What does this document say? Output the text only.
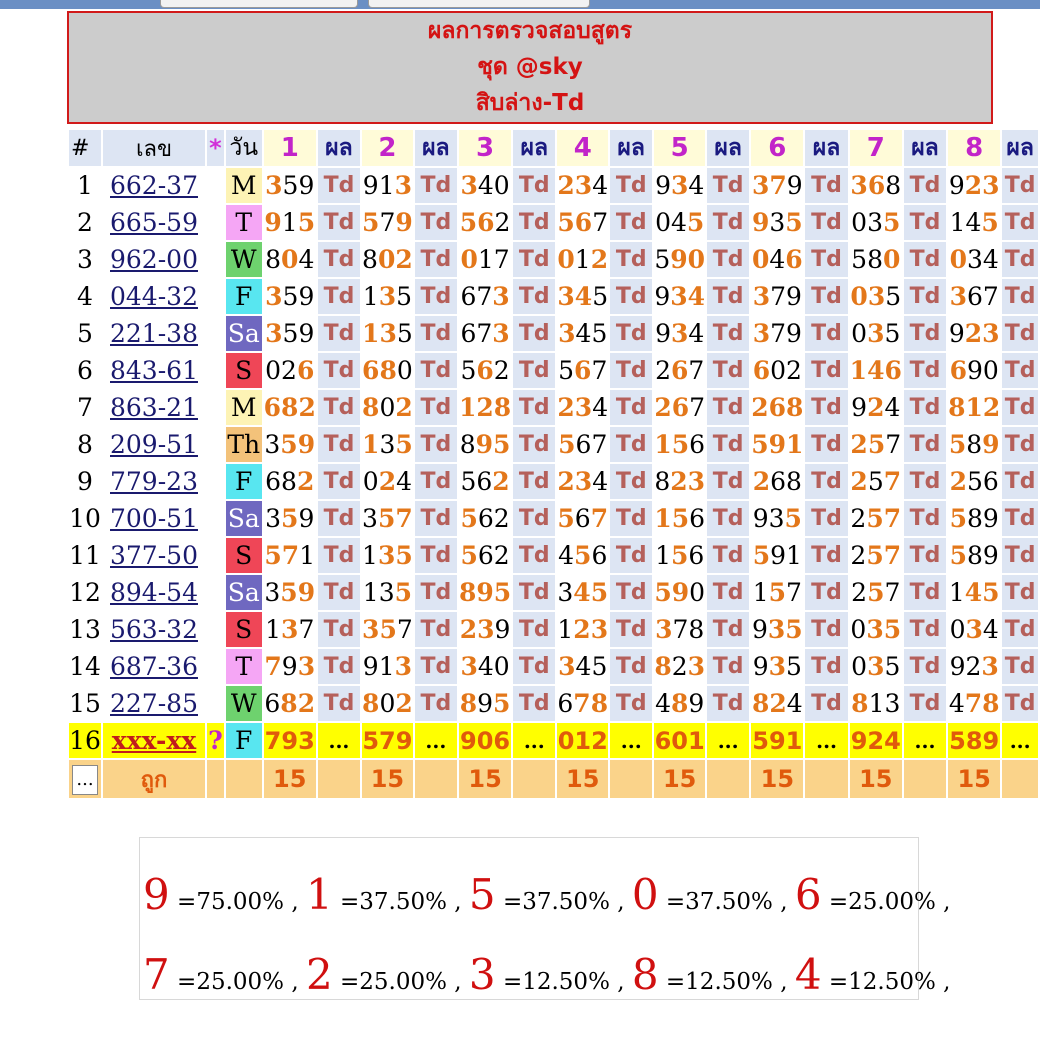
ผลการตรวจสอบสูตร
ชุด @sky
สิบล่าง-Td
#	เลข	*	วัน	1	ผล	2	ผล	3	ผล	4	ผล	5	ผล	6	ผล	7	ผล	8	ผล
1	662-37		M	359	Td	913	Td	340	Td	234	Td	934	Td	379	Td	368	Td	923	Td
2	665-59		T	915	Td	579	Td	562	Td	567	Td	045	Td	935	Td	035	Td	145	Td
3	962-00		W	804	Td	802	Td	017	Td	012	Td	590	Td	046	Td	580	Td	034	Td
4	044-32		F	359	Td	135	Td	673	Td	345	Td	934	Td	379	Td	035	Td	367	Td
5	221-38		Sa	359	Td	135	Td	673	Td	345	Td	934	Td	379	Td	035	Td	923	Td
6	843-61		S	026	Td	680	Td	562	Td	567	Td	267	Td	602	Td	146	Td	690	Td
7	863-21		M	682	Td	802	Td	128	Td	234	Td	267	Td	268	Td	924	Td	812	Td
8	209-51		Th	359	Td	135	Td	895	Td	567	Td	156	Td	591	Td	257	Td	589	Td
9	779-23		F	682	Td	024	Td	562	Td	234	Td	823	Td	268	Td	257	Td	256	Td
10	700-51		Sa	359	Td	357	Td	562	Td	567	Td	156	Td	935	Td	257	Td	589	Td
11	377-50		S	571	Td	135	Td	562	Td	456	Td	156	Td	591	Td	257	Td	589	Td
12	894-54		Sa	359	Td	135	Td	895	Td	345	Td	590	Td	157	Td	257	Td	145	Td
13	563-32		S	137	Td	357	Td	239	Td	123	Td	378	Td	935	Td	035	Td	034	Td
14	687-36		T	793	Td	913	Td	340	Td	345	Td	823	Td	935	Td	035	Td	923	Td
15	227-85		W	682	Td	802	Td	895	Td	678	Td	489	Td	824	Td	813	Td	478	Td
16	xxx-xx	?	F	793	...	579	...	906	...	012	...	601	...	591	...	924	...	589	...
...	ถูก			15		15		15		15		15		15		15		15	
9 =75.00% , 1 =37.50% , 5 =37.50% , 0 =37.50% , 6 =25.00% ,
7 =25.00% , 2 =25.00% , 3 =12.50% , 8 =12.50% , 4 =12.50% ,
